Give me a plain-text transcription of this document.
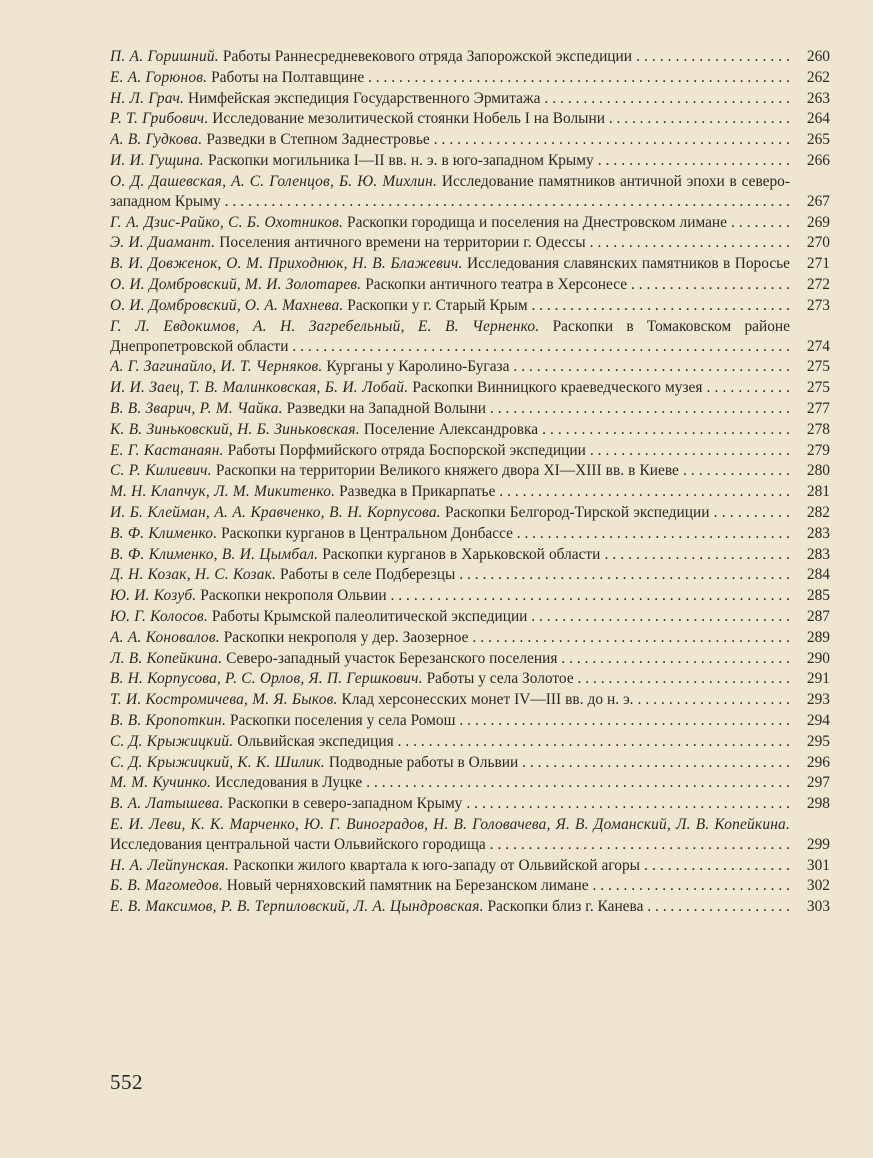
П. А. Горишний. Работы Раннесредневекового отряда Запорожской экспедиции . . .	260
Е. А. Горюнов. Работы на Полтавщине . . .	262
Н. Л. Грач. Нимфейская экспедиция Государственного Эрмитажа . . .	263
Р. Т. Грибович. Исследование мезолитической стоянки Нобель I на Волыни . . .	264
А. В. Гудкова. Разведки в Степном Заднестровье . . .	265
И. И. Гущина. Раскопки могильника I—II вв. н. э. в юго-западном Крыму . . .	266
О. Д. Дашевская, А. С. Голенцов, Б. Ю. Михлин. Исследование памятников античной эпохи в северо-западном Крыму . . .	267
Г. А. Дзис-Райко, С. Б. Охотников. Раскопки городища и поселения на Днестровском лимане . . .	269
Э. И. Диамант. Поселения античного времени на территории г. Одессы . . .	270
В. И. Довженок, О. М. Приходнюк, Н. В. Блажевич. Исследования славянских памятников в Поросье . . .	271
О. И. Домбровский, М. И. Золотарев. Раскопки античного театра в Херсонесе . . .	272
О. И. Домбровский, О. А. Махнева. Раскопки у г. Старый Крым . . .	273
Г. Л. Евдокимов, А. Н. Загребельный, Е. В. Черненко. Раскопки в Томаковском районе Днепропетровской области . . .	274
А. Г. Загинайло, И. Т. Черняков. Курганы у Каролино-Бугаза . . .	275
И. И. Заец, Т. В. Малинковская, Б. И. Лобай. Раскопки Винницкого краеведческого музея . . .	275
В. В. Зварич, Р. М. Чайка. Разведки на Западной Волыни . . .	277
К. В. Зиньковский, Н. Б. Зиньковская. Поселение Александровка . . .	278
Е. Г. Кастанаян. Работы Порфмийского отряда Боспорской экспедиции . . .	279
С. Р. Килиевич. Раскопки на территории Великого княжего двора XI—XIII вв. в Киеве . . .	280
М. Н. Клапчук, Л. М. Микитенко. Разведка в Прикарпатье . . .	281
И. Б. Клейман, А. А. Кравченко, В. Н. Корпусова. Раскопки Белгород-Тирской экспедиции . . .	282
В. Ф. Клименко. Раскопки курганов в Центральном Донбассе . . .	283
В. Ф. Клименко, В. И. Цымбал. Раскопки курганов в Харьковской области . . .	283
Д. Н. Козак, Н. С. Козак. Работы в селе Подберезцы . . .	284
Ю. И. Козуб. Раскопки некрополя Ольвии . . .	285
Ю. Г. Колосов. Работы Крымской палеолитической экспедиции . . .	287
А. А. Коновалов. Раскопки некрополя у дер. Заозерное . . .	289
Л. В. Копейкина. Северо-западный участок Березанского поселения . . .	290
В. Н. Корпусова, Р. С. Орлов, Я. П. Гершкович. Работы у села Золотое . . .	291
Т. И. Костромичева, М. Я. Быков. Клад херсонесских монет IV—III вв. до н. э. . . .	293
В. В. Кропоткин. Раскопки поселения у села Ромош . . .	294
С. Д. Крыжицкий. Ольвийская экспедиция . . .	295
С. Д. Крыжицкий, К. К. Шилик. Подводные работы в Ольвии . . .	296
М. М. Кучинко. Исследования в Луцке . . .	297
В. А. Латышева. Раскопки в северо-западном Крыму . . .	298
Е. И. Леви, К. К. Марченко, Ю. Г. Виноградов, Н. В. Головачева, Я. В. Доманский, Л. В. Копейкина. Исследования центральной части Ольвийского городища . . .	299
Н. А. Лейпунская. Раскопки жилого квартала к юго-западу от Ольвийской агоры . . .	301
Б. В. Магомедов. Новый черняховский памятник на Березанском лимане . . .	302
Е. В. Максимов, Р. В. Терпиловский, Л. А. Цындровская. Раскопки близ г. Канева . . .	303
552
